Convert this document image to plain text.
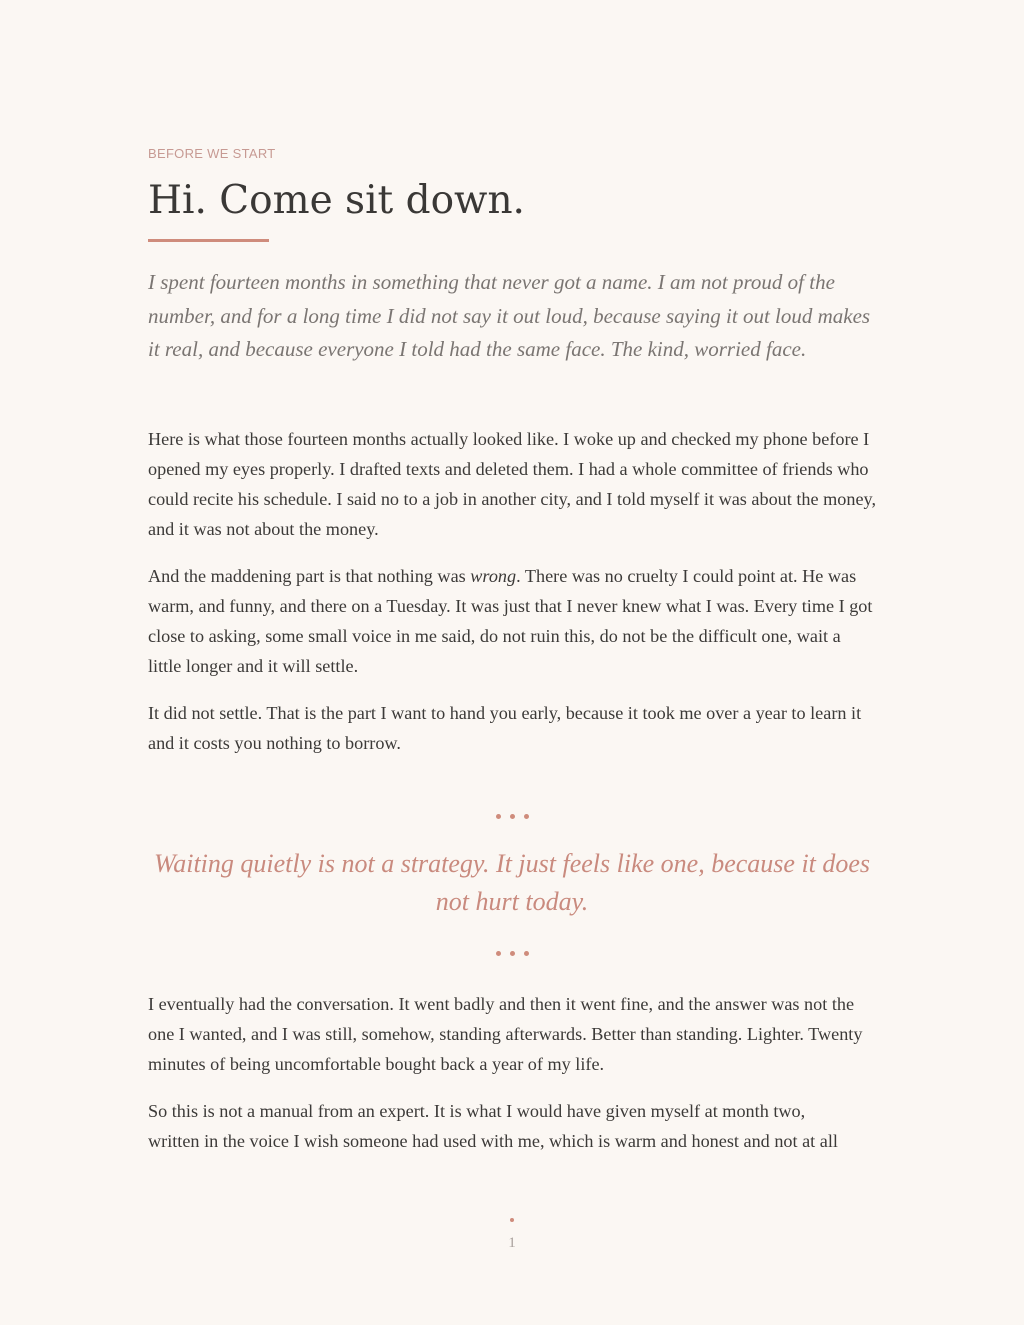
BEFORE WE START
Hi. Come sit down.

I spent fourteen months in something that never got a name. I am not proud of the number, and for a long time I did not say it out loud, because saying it out loud makes it real, and because everyone I told had the same face. The kind, worried face.

Here is what those fourteen months actually looked like. I woke up and checked my phone before I opened my eyes properly. I drafted texts and deleted them. I had a whole committee of friends who could recite his schedule. I said no to a job in another city, and I told myself it was about the money, and it was not about the money.

And the maddening part is that nothing was wrong. There was no cruelty I could point at. He was warm, and funny, and there on a Tuesday. It was just that I never knew what I was. Every time I got close to asking, some small voice in me said, do not ruin this, do not be the difficult one, wait a little longer and it will settle.

It did not settle. That is the part I want to hand you early, because it took me over a year to learn it and it costs you nothing to borrow.

Waiting quietly is not a strategy. It just feels like one, because it does not hurt today.

I eventually had the conversation. It went badly and then it went fine, and the answer was not the one I wanted, and I was still, somehow, standing afterwards. Better than standing. Lighter. Twenty minutes of being uncomfortable bought back a year of my life.

So this is not a manual from an expert. It is what I would have given myself at month two,
written in the voice I wish someone had used with me, which is warm and honest and not at all

1
